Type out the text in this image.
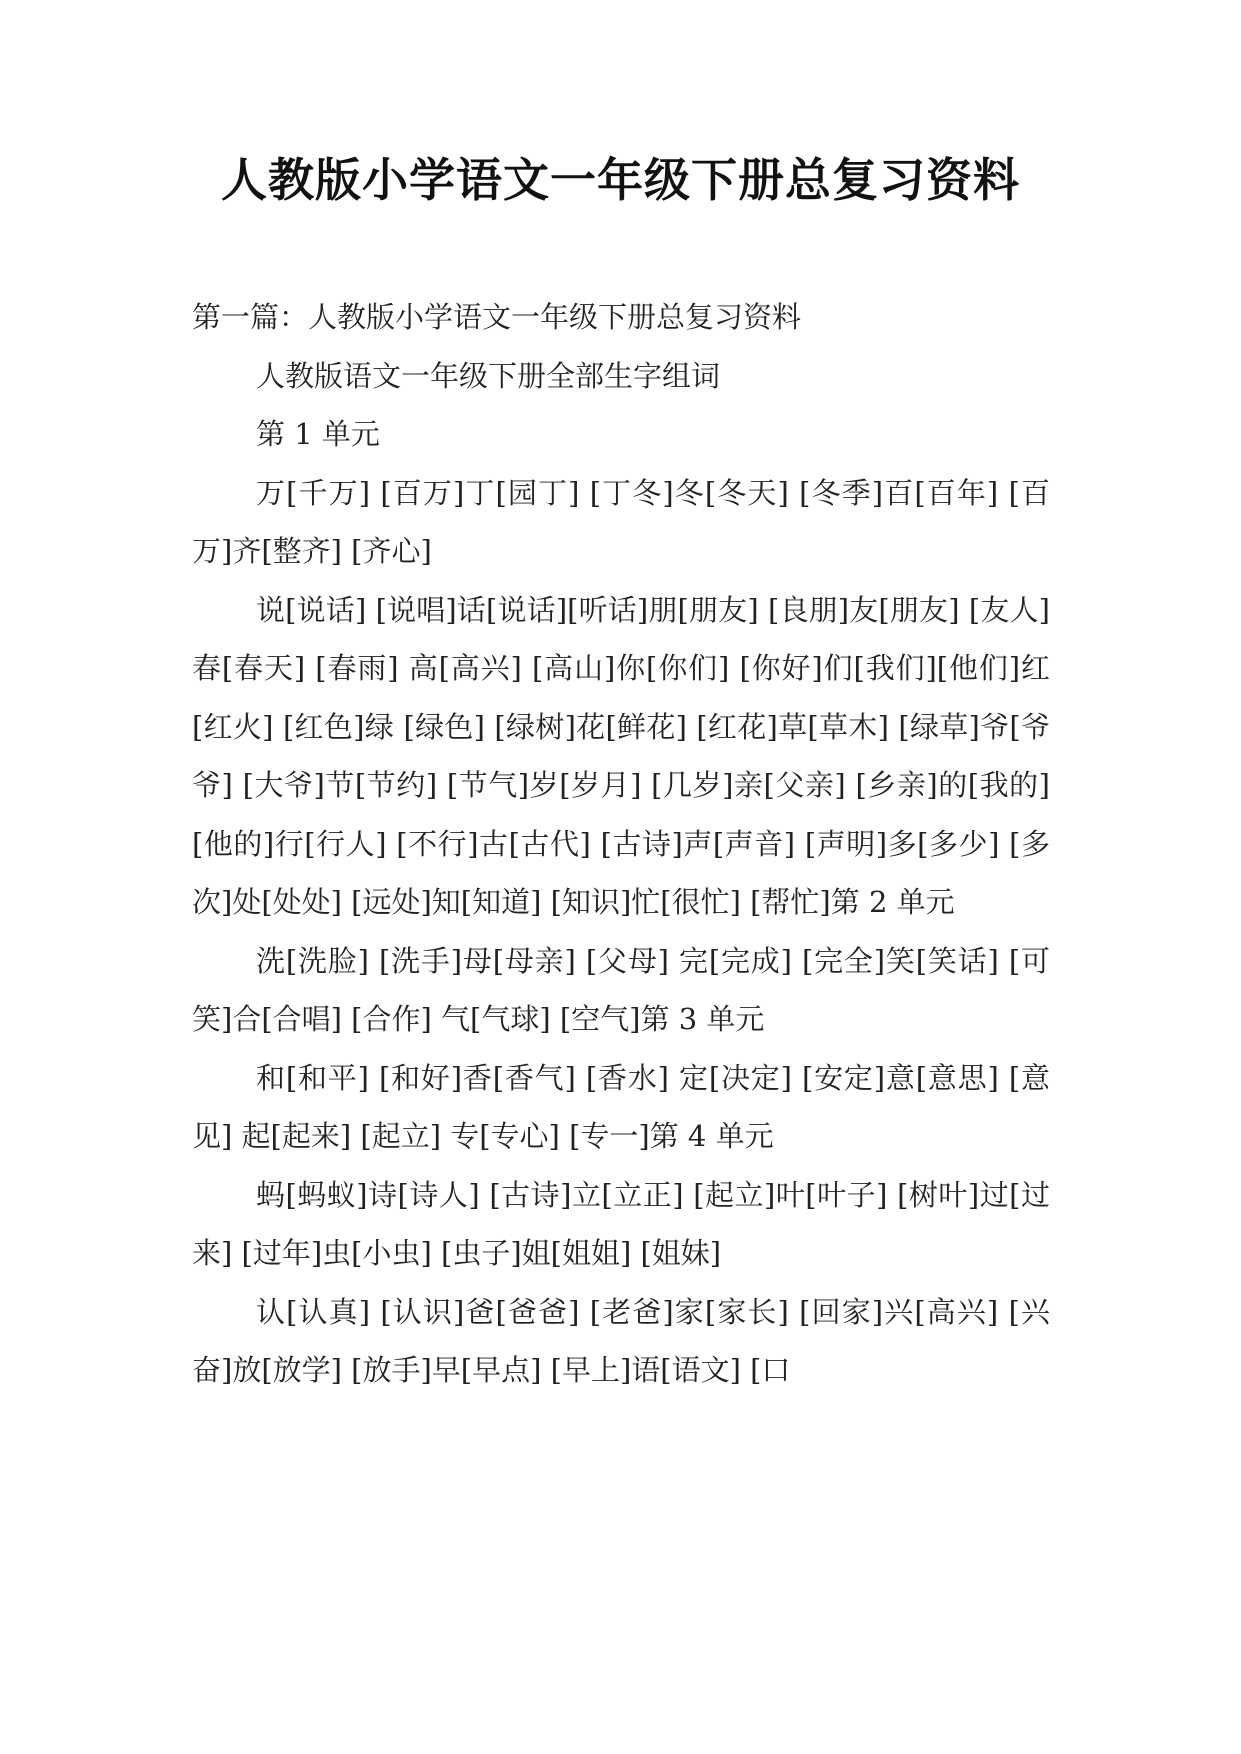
人教版小学语文一年级下册总复习资料

第一篇：人教版小学语文一年级下册总复习资料

人教版语文一年级下册全部生字组词

第 1 单元

万[千万] [百万]丁[园丁] [丁冬]冬[冬天] [冬季]百[百年] [百万]齐[整齐] [齐心]

说[说话] [说唱]话[说话][听话]朋[朋友] [良朋]友[朋友] [友人]春[春天] [春雨] 高[高兴] [高山]你[你们] [你好]们[我们][他们]红[红火] [红色]绿 [绿色] [绿树]花[鲜花] [红花]草[草木] [绿草]爷[爷爷] [大爷]节[节约] [节气]岁[岁月] [几岁]亲[父亲] [乡亲]的[我的] [他的]行[行人] [不行]古[古代] [古诗]声[声音] [声明]多[多少] [多次]处[处处] [远处]知[知道] [知识]忙[很忙] [帮忙]第 2 单元

洗[洗脸] [洗手]母[母亲] [父母] 完[完成] [完全]笑[笑话] [可笑]合[合唱] [合作] 气[气球] [空气]第 3 单元

和[和平] [和好]香[香气] [香水] 定[决定] [安定]意[意思] [意见] 起[起来] [起立] 专[专心] [专一]第 4 单元

蚂[蚂蚁]诗[诗人] [古诗]立[立正] [起立]叶[叶子] [树叶]过[过来] [过年]虫[小虫] [虫子]姐[姐姐] [姐妹]

认[认真] [认识]爸[爸爸] [老爸]家[家长] [回家]兴[高兴] [兴奋]放[放学] [放手]早[早点] [早上]语[语文] [口
